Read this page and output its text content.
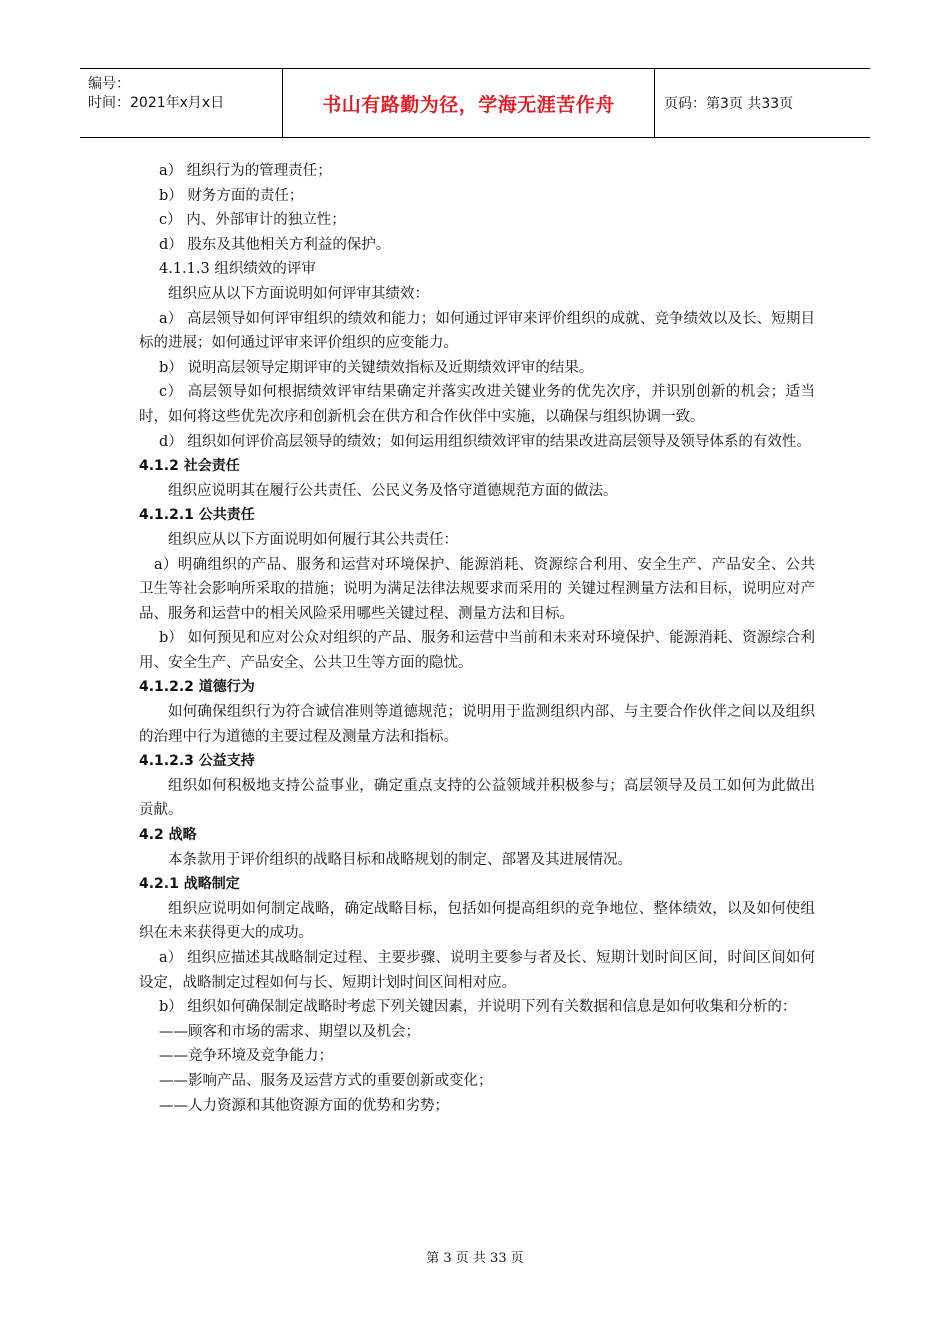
编号：
时间：2021年x月x日	书山有路勤为径，学海无涯苦作舟	页码：第3页 共33页

a） 组织行为的管理责任；

b） 财务方面的责任；

c） 内、外部审计的独立性；

d） 股东及其他相关方利益的保护。

4.1.1.3 组织绩效的评审

组织应从以下方面说明如何评审其绩效：

a） 高层领导如何评审组织的绩效和能力；如何通过评审来评价组织的成就、竞争绩效以及长、短期目标的进展；如何通过评审来评价组织的应变能力。

b） 说明高层领导定期评审的关键绩效指标及近期绩效评审的结果。

c） 高层领导如何根据绩效评审结果确定并落实改进关键业务的优先次序，并识别创新的机会；适当时，如何将这些优先次序和创新机会在供方和合作伙伴中实施，以确保与组织协调一致。

d） 组织如何评价高层领导的绩效；如何运用组织绩效评审的结果改进高层领导及领导体系的有效性。

4.1.2 社会责任

组织应说明其在履行公共责任、公民义务及恪守道德规范方面的做法。

4.1.2.1 公共责任

组织应从以下方面说明如何履行其公共责任：

a）明确组织的产品、服务和运营对环境保护、能源消耗、资源综合利用、安全生产、产品安全、公共卫生等社会影响所采取的措施；说明为满足法律法规要求而采用的 关键过程测量方法和目标，说明应对产品、服务和运营中的相关风险采用哪些关键过程、测量方法和目标。

b） 如何预见和应对公众对组织的产品、服务和运营中当前和未来对环境保护、能源消耗、资源综合利用、安全生产、产品安全、公共卫生等方面的隐忧。

4.1.2.2 道德行为

如何确保组织行为符合诚信准则等道德规范；说明用于监测组织内部、与主要合作伙伴之间以及组织的治理中行为道德的主要过程及测量方法和指标。

4.1.2.3 公益支持

组织如何积极地支持公益事业，确定重点支持的公益领域并积极参与；高层领导及员工如何为此做出贡献。

4.2 战略

本条款用于评价组织的战略目标和战略规划的制定、部署及其进展情况。

4.2.1 战略制定

组织应说明如何制定战略，确定战略目标，包括如何提高组织的竞争地位、整体绩效，以及如何使组织在未来获得更大的成功。

a） 组织应描述其战略制定过程、主要步骤、说明主要参与者及长、短期计划时间区间，时间区间如何设定，战略制定过程如何与长、短期计划时间区间相对应。

b） 组织如何确保制定战略时考虑下列关键因素，并说明下列有关数据和信息是如何收集和分析的：

——顾客和市场的需求、期望以及机会；

——竞争环境及竞争能力；

——影响产品、服务及运营方式的重要创新或变化；

——人力资源和其他资源方面的优势和劣势；

第 3 页 共 33 页
